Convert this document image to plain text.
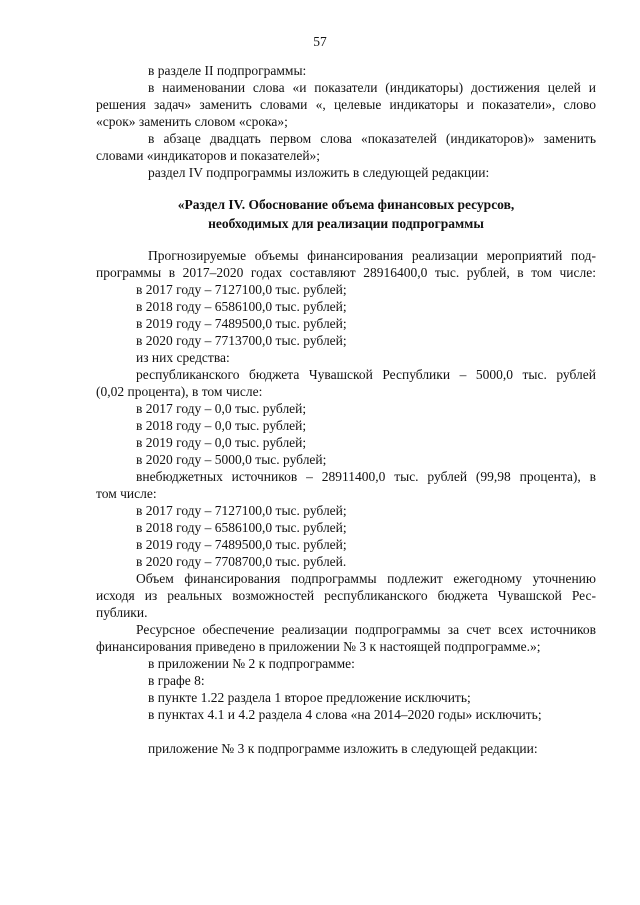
57
в разделе II подпрограммы:
в наименовании слова «и показатели (индикаторы) достижения целей и
решения задач» заменить словами «, целевые индикаторы и показатели», слово
«срок» заменить словом «срока»;
в абзаце двадцать первом слова «показателей (индикаторов)» заменить
словами «индикаторов и показателей»;
раздел IV подпрограммы изложить в следующей редакции:
«Раздел IV. Обоснование объема финансовых ресурсов,
необходимых для реализации подпрограммы
Прогнозируемые объемы финансирования реализации мероприятий под-
программы в 2017–2020 годах составляют 28916400,0 тыс. рублей, в том числе:
в 2017 году – 7127100,0 тыс. рублей;
в 2018 году – 6586100,0 тыс. рублей;
в 2019 году – 7489500,0 тыс. рублей;
в 2020 году – 7713700,0 тыс. рублей;
из них средства:
республиканского бюджета Чувашской Республики – 5000,0 тыс. рублей
(0,02 процента), в том числе:
в 2017 году – 0,0 тыс. рублей;
в 2018 году – 0,0 тыс. рублей;
в 2019 году – 0,0 тыс. рублей;
в 2020 году – 5000,0 тыс. рублей;
внебюджетных источников – 28911400,0 тыс. рублей (99,98 процента), в
том числе:
в 2017 году – 7127100,0 тыс. рублей;
в 2018 году – 6586100,0 тыс. рублей;
в 2019 году – 7489500,0 тыс. рублей;
в 2020 году – 7708700,0 тыс. рублей.
Объем финансирования подпрограммы подлежит ежегодному уточнению
исходя из реальных возможностей республиканского бюджета Чувашской Рес-
публики.
Ресурсное обеспечение реализации подпрограммы за счет всех источников
финансирования приведено в приложении № 3 к настоящей подпрограмме.»;
в приложении № 2 к подпрограмме:
в графе 8:
в пункте 1.22 раздела 1 второе предложение исключить;
в пунктах 4.1 и 4.2 раздела 4 слова «на 2014–2020 годы» исключить;
приложение № 3 к подпрограмме изложить в следующей редакции:
